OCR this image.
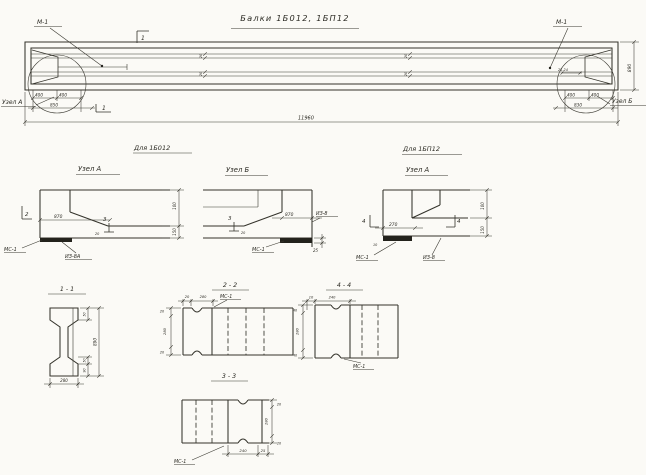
Балки 1Б012, 1БП12
М-1	М-1
1
1
Узел А	Узел Б
20
20
20
20
25-24
400	400
850
400	400
830
11960
890
Для 1Б012	Для 1БП12
Узел А
870
2
3
20
100
150
МС-1
ИЗ-8А
Узел Б
870
3
20
25
ИЗ-8
МС-1
Узел А
270
4	4
100
150
10
МС-1	ИЗ-8
1 - 1
280
890
50
50
90
2 - 2
20	280	МС-1
20
280
20
4 - 4
10	240
40
280
40
МС-1
3 - 3
20
280
20
240	25
МС-1
